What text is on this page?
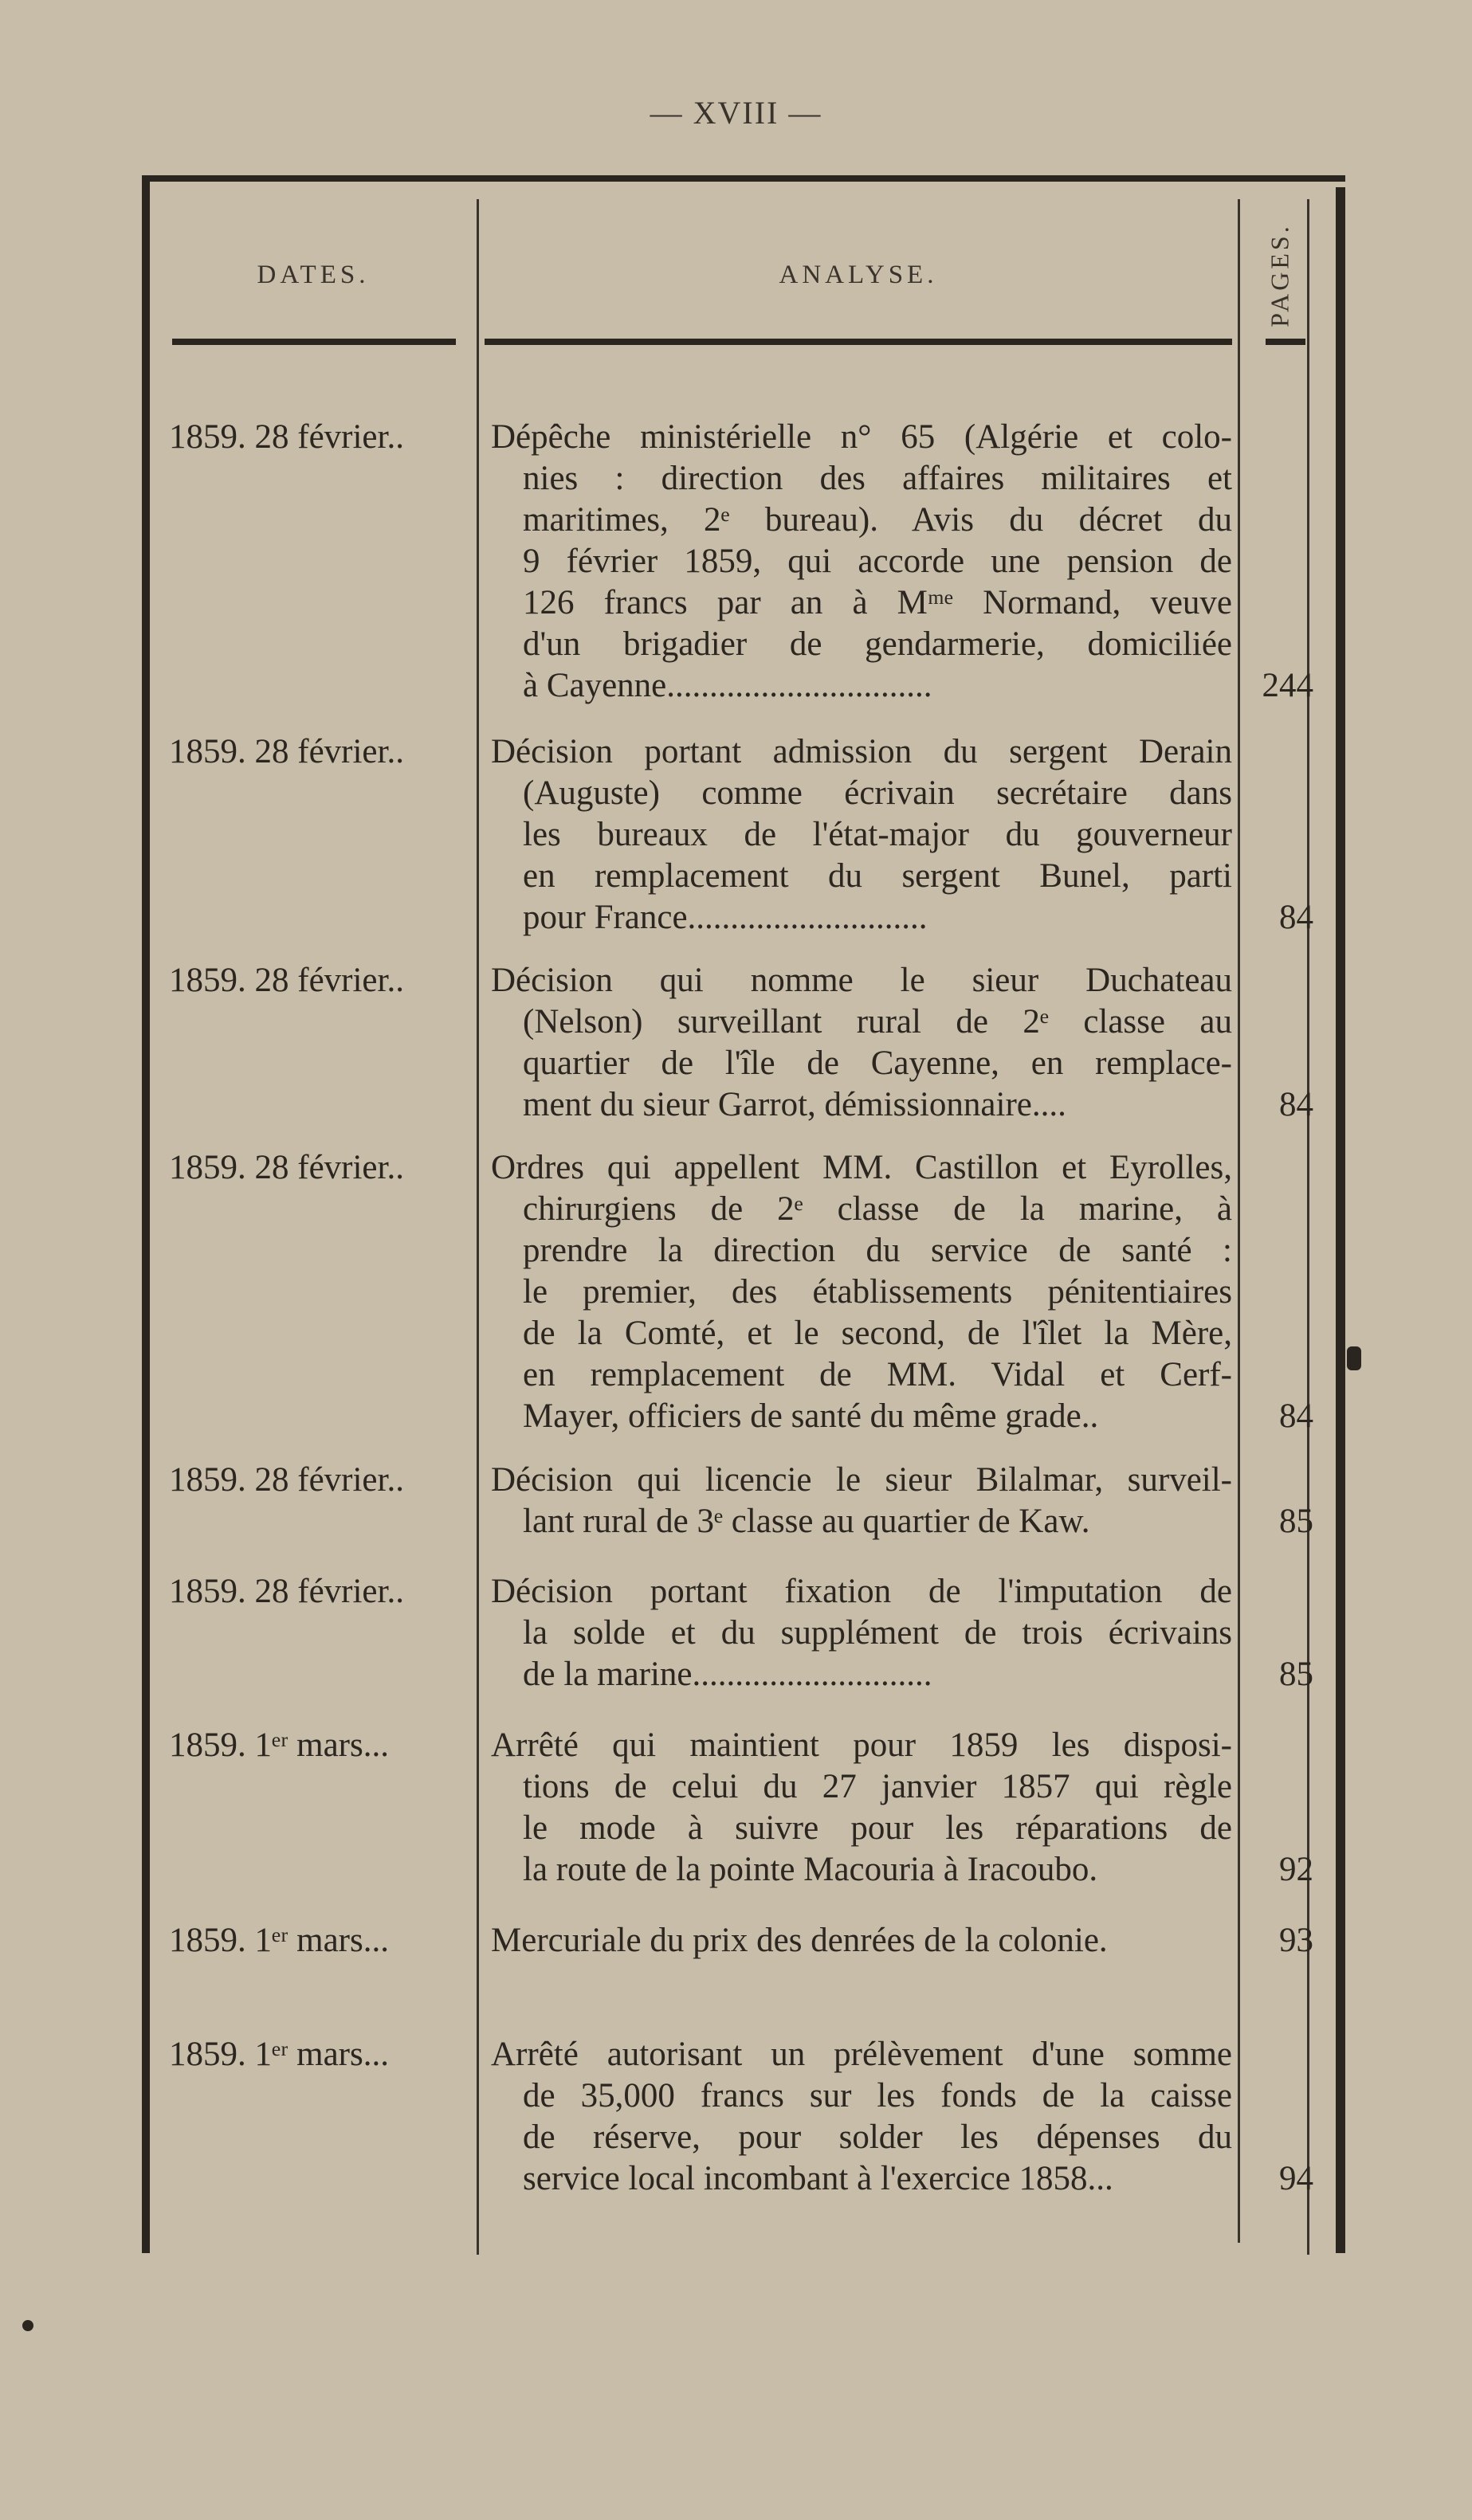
— XVIII —
DATES.	ANALYSE.	PAGES.
1859. 28 février..	Dépêche ministérielle n° 65 (Algérie et colo-
nies : direction des affaires militaires et
maritimes, 2ᵉ bureau). Avis du décret du
9 février 1859, qui accorde une pension de
126 francs par an à Mᵐᵉ Normand, veuve
d'un brigadier de gendarmerie, domiciliée
à Cayenne...............................	244
1859. 28 février..	Décision portant admission du sergent Derain
(Auguste) comme écrivain secrétaire dans
les bureaux de l'état-major du gouverneur
en remplacement du sergent Bunel, parti
pour France............................	84
1859. 28 février..	Décision qui nomme le sieur Duchateau
(Nelson) surveillant rural de 2ᵉ classe au
quartier de l'île de Cayenne, en remplace-
ment du sieur Garrot, démissionnaire....	84
1859. 28 février..	Ordres qui appellent MM. Castillon et Eyrolles,
chirurgiens de 2ᵉ classe de la marine, à
prendre la direction du service de santé :
le premier, des établissements pénitentiaires
de la Comté, et le second, de l'îlet la Mère,
en remplacement de MM. Vidal et Cerf-
Mayer, officiers de santé du même grade..	84
1859. 28 février..	Décision qui licencie le sieur Bilalmar, surveil-
lant rural de 3ᵉ classe au quartier de Kaw.	85
1859. 28 février..	Décision portant fixation de l'imputation de
la solde et du supplément de trois écrivains
de la marine............................	85
1859. 1ᵉʳ mars...	Arrêté qui maintient pour 1859 les disposi-
tions de celui du 27 janvier 1857 qui règle
le mode à suivre pour les réparations de
la route de la pointe Macouria à Iracoubo.	92
1859. 1ᵉʳ mars...	Mercuriale du prix des denrées de la colonie.	93
1859. 1ᵉʳ mars...	Arrêté autorisant un prélèvement d'une somme
de 35,000 francs sur les fonds de la caisse
de réserve, pour solder les dépenses du
service local incombant à l'exercice 1858...	94
